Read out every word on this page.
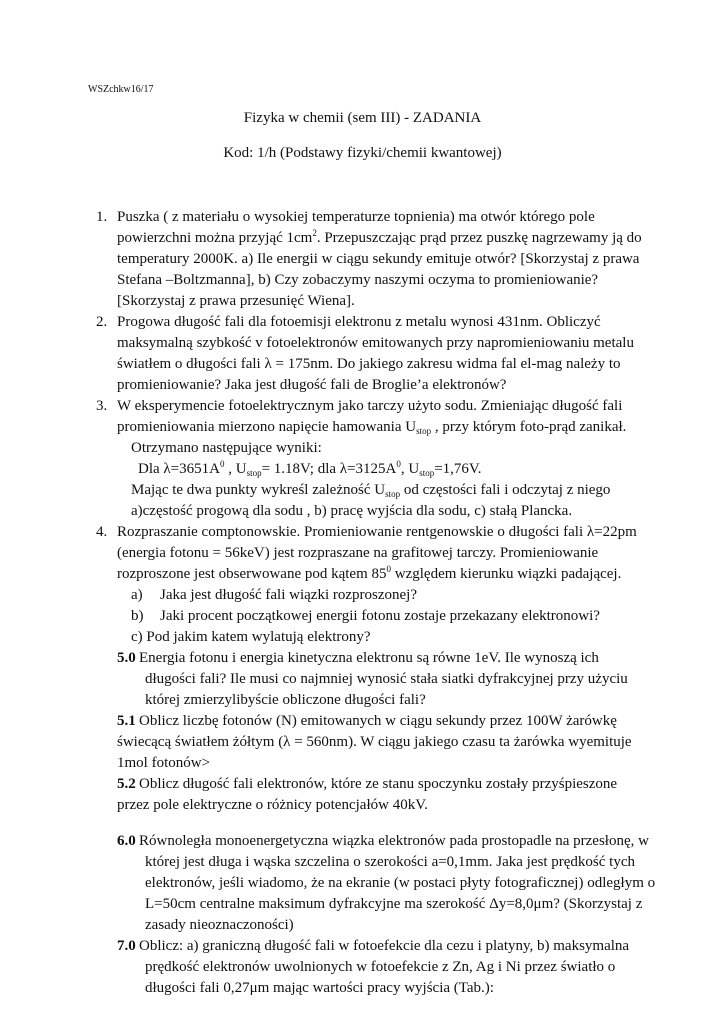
WSZchkw16/17
Fizyka w chemii (sem III) - ZADANIA
Kod: 1/h (Podstawy fizyki/chemii kwantowej)
1. Puszka ( z materiału o wysokiej temperaturze topnienia) ma otwór którego pole
powierzchni można przyjąć $1cm^2$. Przepuszczając prąd przez puszkę nagrzewamy ją do
temperatury 2000K. a) Ile energii w ciągu sekundy emituje otwór? [Skorzystaj z prawa
Stefana –Boltzmanna], b) Czy zobaczymy naszymi oczyma to promieniowanie?
[Skorzystaj z prawa przesunięć Wiena].
2. Progowa długość fali dla fotoemisji elektronu z metalu wynosi 431nm. Obliczyć
maksymalną szybkość v fotoelektronów emitowanych przy napromieniowaniu metalu
światłem o długości fali λ = 175nm. Do jakiego zakresu widma fal el-mag należy to
promieniowanie? Jaka jest długość fali de Broglie’a elektronów?
3. W eksperymencie fotoelektrycznym jako tarczy użyto sodu. Zmieniając długość fali
promieniowania mierzono napięcie hamowania $U_{stop}$ , przy którym foto-prąd zanikał.
Otrzymano następujące wyniki:
Dla $\lambda=3651A^0$ , $U_{stop}= 1.18V$; dla $\lambda=3125A^0$, $U_{stop}=1,76V$.
Mając te dwa punkty wykreśl zależność $U_{stop}$ od częstości fali i odczytaj z niego
a)częstość progową dla sodu , b) pracę wyjścia dla sodu, c) stałą Plancka.
4. Rozpraszanie comptonowskie. Promieniowanie rentgenowskie o długości fali λ=22pm
(energia fotonu = 56keV) jest rozpraszane na grafitowej tarczy. Promieniowanie
rozproszone jest obserwowane pod kątem $85^0$ względem kierunku wiązki padającej.
a) Jaka jest długość fali wiązki rozproszonej?
b) Jaki procent początkowej energii fotonu zostaje przekazany elektronowi?
c) Pod jakim katem wylatują elektrony?
5.0 Energia fotonu i energia kinetyczna elektronu są równe 1eV. Ile wynoszą ich
długości fali? Ile musi co najmniej wynosić stała siatki dyfrakcyjnej przy użyciu
której zmierzylibyście obliczone długości fali?
5.1 Oblicz liczbę fotonów (N) emitowanych w ciągu sekundy przez 100W żarówkę
świecącą światłem żółtym (λ = 560nm). W ciągu jakiego czasu ta żarówka wyemituje
1mol fotonów>
5.2 Oblicz długość fali elektronów, które ze stanu spoczynku zostały przyśpieszone
przez pole elektryczne o różnicy potencjałów 40kV.
6.0 Równoległa monoenergetyczna wiązka elektronów pada prostopadle na przesłonę, w
której jest długa i wąska szczelina o szerokości a=0,1mm. Jaka jest prędkość tych
elektronów, jeśli wiadomo, że na ekranie (w postaci płyty fotograficznej) odległym o
L=50cm centralne maksimum dyfrakcyjne ma szerokość Δy=8,0μm? (Skorzystaj z
zasady nieoznaczoności)
7.0 Oblicz: a) graniczną długość fali w fotoefekcie dla cezu i platyny, b) maksymalna
prędkość elektronów uwolnionych w fotoefekcie z Zn, Ag i Ni przez światło o
długości fali 0,27μm mając wartości pracy wyjścia (Tab.):
